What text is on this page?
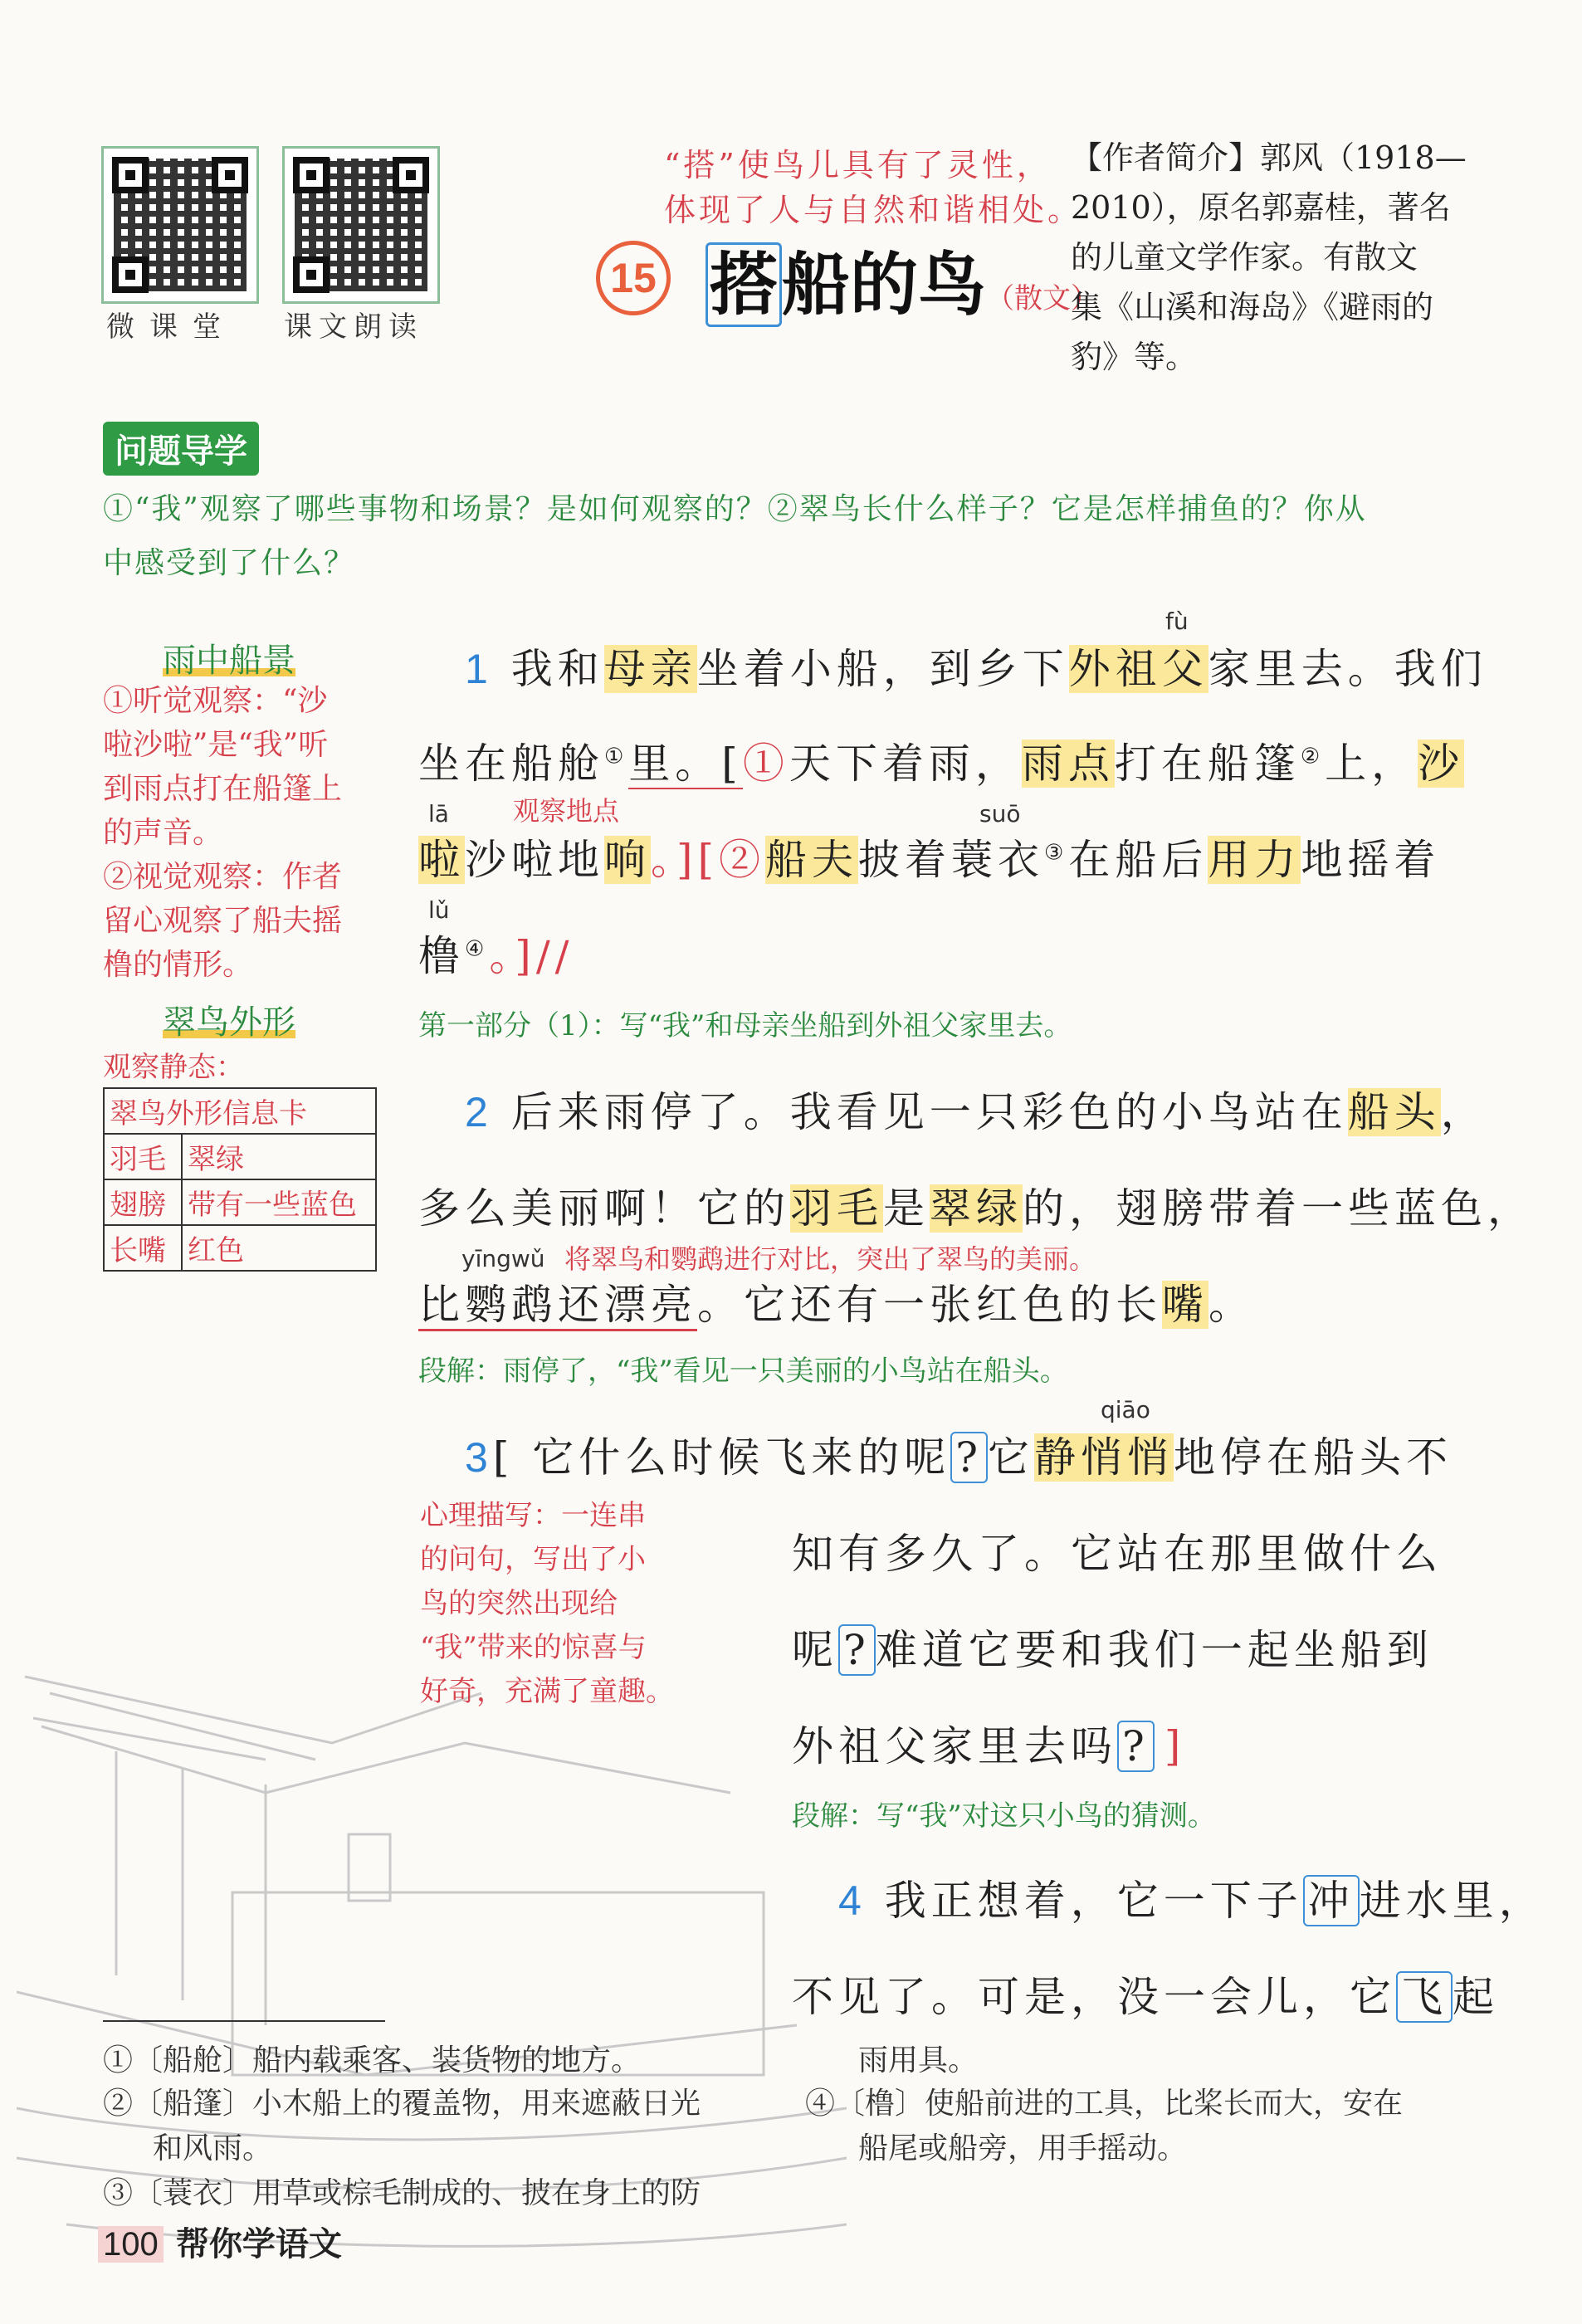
微课堂 课文朗读
“搭”使鸟儿具有了灵性，
体现了人与自然和谐相处。
15 搭船的鸟（散文）
【作者简介】郭风（1918—
2010），原名郭嘉桂，著名
的儿童文学作家。有散文
集《山溪和海岛》《避雨的
豹》等。
问题导学
①“我”观察了哪些事物和场景？是如何观察的？②翠鸟长什么样子？它是怎样捕鱼的？你从
中感受到了什么？
雨中船景
①听觉观察：“沙
啦沙啦”是“我”听
到雨点打在船篷上
的声音。
②视觉观察：作者
留心观察了船夫摇
橹的情形。
翠鸟外形
观察静态：
翠鸟外形信息卡	
羽毛	翠绿
翅膀	带有一些蓝色
长嘴	红色
fù
1 我和母亲坐着小船，到乡下外祖父家里去。我们
坐在船舱①里。[①天下着雨，雨点打在船篷②上，沙
观察地点
lā	suō
啦沙啦地响。][②船夫披着蓑衣③在船后用力地摇着
lǔ
橹④。]//
第一部分（1）：写“我”和母亲坐船到外祖父家里去。
2 后来雨停了。我看见一只彩色的小鸟站在船头，
多么美丽啊！它的羽毛是翠绿的，翅膀带着一些蓝色，
yīngwǔ 将翠鸟和鹦鹉进行对比，突出了翠鸟的美丽。
比鹦鹉还漂亮。它还有一张红色的长嘴。
段解：雨停了，“我”看见一只美丽的小鸟站在船头。
qiāo
3[ 它什么时候飞来的呢 ? 它静悄悄地停在船头不
心理描写：一连串
的问句，写出了小
鸟的突然出现给
“我”带来的惊喜与
好奇，充满了童趣。
知有多久了。它站在那里做什么
呢 ? 难道它要和我们一起坐船到
外祖父家里去吗 ? ]
段解：写“我”对这只小鸟的猜测。
4 我正想着，它一下子 冲 进水里，
不见了。可是，没一会儿，它 飞 起
①〔船舱〕船内载乘客、装货物的地方。
②〔船篷〕小木船上的覆盖物，用来遮蔽日光
和风雨。
③〔蓑衣〕用草或棕毛制成的、披在身上的防
雨用具。
④〔橹〕使船前进的工具，比桨长而大，安在
船尾或船旁，用手摇动。
100 帮你学语文
